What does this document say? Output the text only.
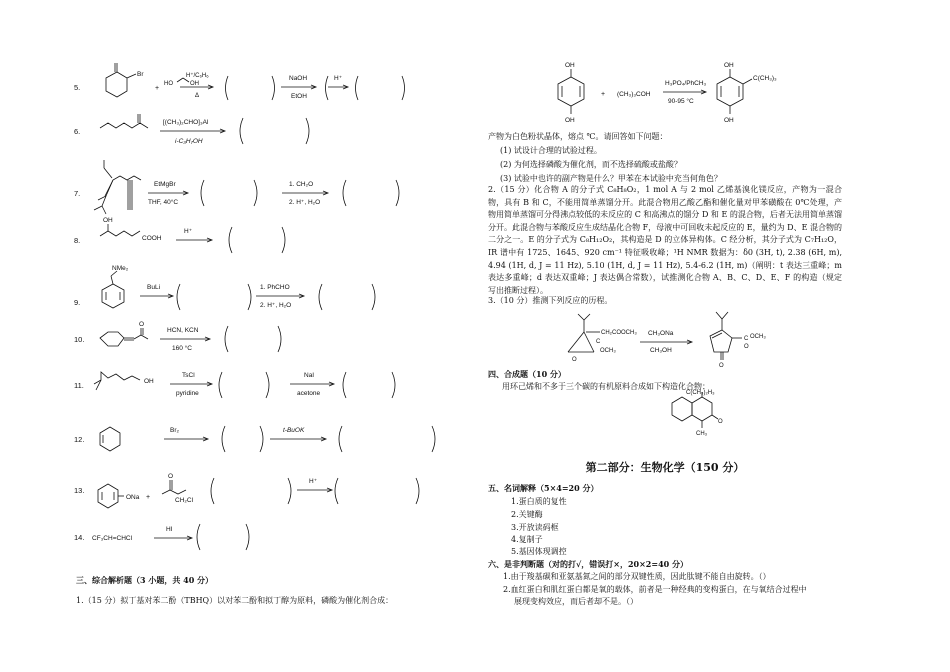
5.
Br
+
HO	OH
H⁺/C₆H₆
Δ
NaOH
EtOH
H⁺
6.
[(CH₃)₂CHO]₃Al
i-C₃H₇OH
7.
EtMgBr
THF, 40°C
1. CH₂O
2. H⁺, H₂O
8.
OH
COOH
H⁺
9.
NMe₂
BuLi	1. PhCHO
2. H⁺, H₂O
10.
O
HCN, KCN
160 °C
11.	OH
TsCl
pyridine
NaI
acetone
12.
Br₂	t-BuOK
13.
ONa +
O
CH₂Cl
H⁺
14. CF₃CH=CHCl
HI
OH
OH
+ (CH₃)₃COH
H₃PO₄/PhCH₃
90-95 °C
OH
OH
C(CH₃)₃
CH₂COOCH₃
C
OCH₃
O
CH₃ONa
CH₃OH
C OCH₃
O
O
C(CH₃)₂H₃
O
CH₃
三、综合解析题（3 小题，共 40 分）
1.（15 分）拟丁基对苯二酚（TBHQ）以对苯二酚和拟丁醇为原料，磷酸为催化剂合成：
产物为白色粉状晶体，熔点 ℃。请回答如下问题：
(1) 试设计合理的试验过程。
(2) 为何选择磷酸为催化剂，而不选择硫酸或盐酸？
(3) 试验中也许的副产物是什么？甲苯在本试验中充当何角色？
2.（15 分）化合物 A 的分子式 C₈H₈O₂，1 mol A 与 2 mol 乙烯基溴化镁反应，产物为一混合物，具有 B 和 C，不能用简单蒸馏分开。此混合物用乙酸乙酯和催化量对甲苯磺酸在 0℃处理，产物用简单蒸馏可分得沸点较低的未反应的 C 和高沸点的馏分 D 和 E 的混合物，后者无法用简单蒸馏分开。此混合物与苯酸反应生成结晶化合物 F，母液中可回收未起反应的 E，量约为 D、E 混合物的二分之一。E 的分子式为 C₈H₁₂O₂，其构造是 D 的立体异构体。C 经分析，其分子式为 C₇H₁₂O，IR 谱中有 1725、1645、920 cm⁻¹ 特征吸收峰；¹H NMR 数据为：δ0 (3H, t), 2.38 (6H, m), 4.94 (1H, d, J = 11 Hz), 5.10 (1H, d, J = 11 Hz), 5.4-6.2 (1H, m)（阐明：t 表达三重峰；m 表达多重峰；d 表达双重峰；J 表达偶合常数），试推测化合物 A、B、C、D、E、F 的构造（规定写出推断过程）。
3.（10 分）推测下列反应的历程。
四、合成题（10 分）
用环己烯和不多于三个碳的有机原料合成如下构造化合物：
第二部分：生物化学（150 分）
五、名词解释（5×4=20 分）
1.蛋白质的复性
2.关键酶
3.开放读码框
4.复制子
5.基因体现调控
六、是非判断题（对的打√，错误打×，20×2=40 分）
1.由于羧基碳和亚氨基氮之间的部分双键性质，因此肽键不能自由旋转。（）
2.血红蛋白和肌红蛋白都是氧的载体，前者是一种经典的变构蛋白，在与氧结合过程中
展现变构效应，而后者却不是。（）
